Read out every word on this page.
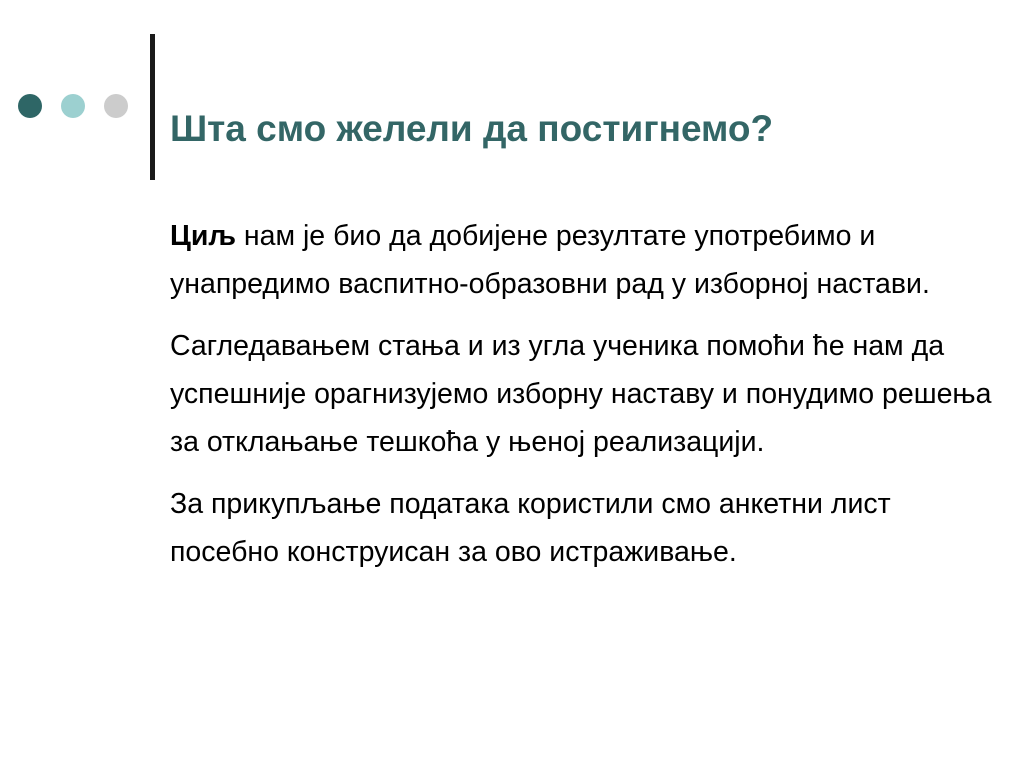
Шта смо желели да постигнемо?

Циљ нам је био да добијене резултате употребимо и унапредимо васпитно-образовни рад у изборној настави.

Сагледавањем стања и из угла ученика помоћи ће нам да успешније орагнизујемо изборну наставу и понудимо решења за отклањање тешкоћа у њеној реализацији.

За прикупљање података користили смо анкетни лист посебно конструисан за ово истраживање.
